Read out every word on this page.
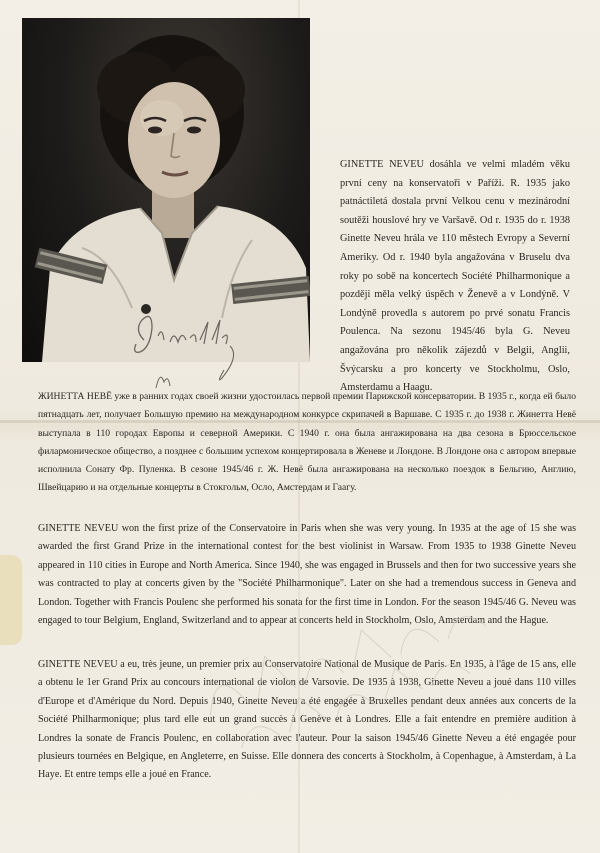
GINETTE NEVEU dosáhla ve velmi mladém věku první ceny na konservatoři v Paříži. R. 1935 jako patnáctiletá dostala první Velkou cenu v mezinárodní soutěži houslové hry ve Varšavě. Od r. 1935 do r. 1938 Ginette Neveu hrála ve 110 městech Evropy a Severní Ameriky. Od r. 1940 byla angažována v Bruselu dva roky po sobě na koncertech Société Philharmonique a později měla velký úspěch v Ženevě a v Londýně. V Londýně provedla s autorem po prvé sonatu Francis Poulenca. Na sezonu 1945/46 byla G. Neveu angažována pro několik zájezdů v Belgii, Anglii, Švýcarsku a pro koncerty ve Stockholmu, Oslo, Amsterdamu a Haagu.
ЖИНЕТТА НЕВЁ уже в ранних годах своей жизни удостоилась первой премии Парижской консерватории. В 1935 г., когда ей было пятнадцать лет, получает Большую премию на международном конкурсе скрипачей в Варшаве. С 1935 г. до 1938 г. Жинетта Невё выступала в 110 городах Европы и северной Америки. С 1940 г. она была ангажирована на два сезона в Брюссельское филармоническое общество, а позднее с большим успехом концертировала в Женеве и Лондоне. В Лондоне она с автором впервые исполнила Сонату Фр. Пуленка. В сезоне 1945/46 г. Ж. Невё была ангажирована на несколько поездок в Бельгию, Англию, Швейцарию и на отдельные концерты в Стокгольм, Осло, Амстердам и Гаагу.
GINETTE NEVEU won the first prize of the Conservatoire in Paris when she was very young. In 1935 at the age of 15 she was awarded the first Grand Prize in the international contest for the best violinist in Warsaw. From 1935 to 1938 Ginette Neveu appeared in 110 cities in Europe and North America. Since 1940, she was engaged in Brussels and then for two successive years she was contracted to play at concerts given by the "Société Philharmonique". Later on she had a tremendous success in Geneva and London. Together with Francis Poulenc she performed his sonata for the first time in London. For the season 1945/46 G. Neveu was engaged to tour Belgium, England, Switzerland and to appear at concerts held in Stockholm, Oslo, Amsterdam and the Hague.
GINETTE NEVEU a eu, très jeune, un premier prix au Conservatoire National de Musique de Paris. En 1935, à l'âge de 15 ans, elle a obtenu le 1er Grand Prix au concours international de violon de Varsovie. De 1935 à 1938, Ginette Neveu a joué dans 110 villes d'Europe et d'Amérique du Nord. Depuis 1940, Ginette Neveu a été engagée à Bruxelles pendant deux années aux concerts de la Société Philharmonique; plus tard elle eut un grand succès à Genève et à Londres. Elle a fait entendre en première audition à Londres la sonate de Francis Poulenc, en collaboration avec l'auteur. Pour la saison 1945/46 Ginette Neveu a été engagée pour plusieurs tournées en Belgique, en Angleterre, en Suisse. Elle donnera des concerts à Stockholm, à Copenhague, à Amsterdam, à La Haye. Et entre temps elle a joué en France.
